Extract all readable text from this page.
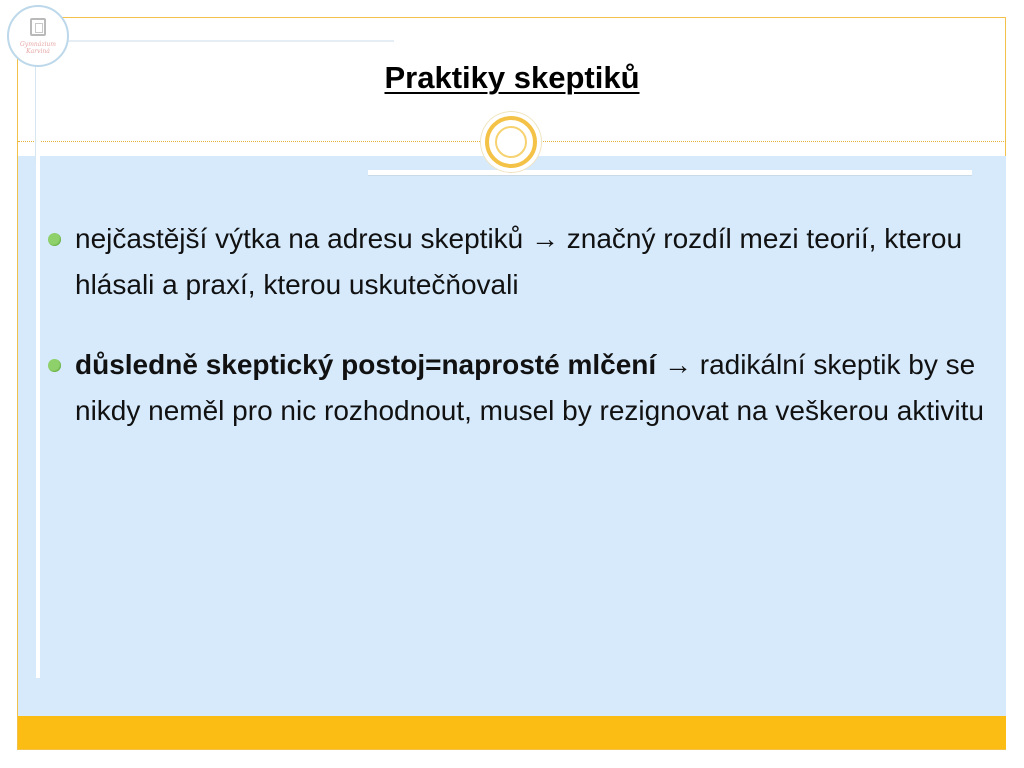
Gymnázium
Karviná
Praktiky skeptiků
nejčastější výtka na adresu skeptiků → značný rozdíl mezi teorií, kterou hlásali a praxí, kterou uskutečňovali
důsledně skeptický postoj=naprosté mlčení → radikální skeptik by se nikdy neměl pro nic rozhodnout, musel by rezignovat na veškerou aktivitu
